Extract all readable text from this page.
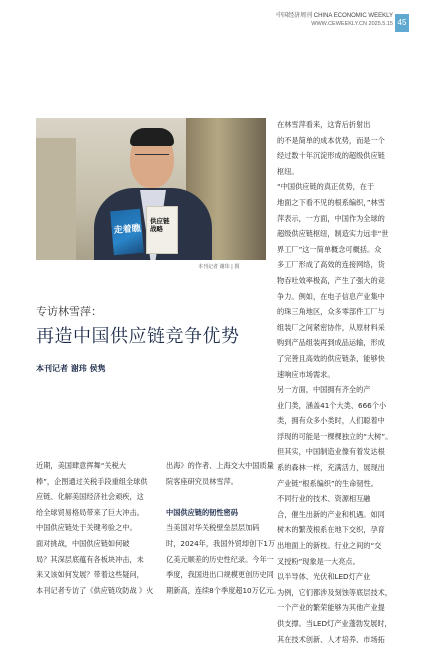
中国经济周刊 CHINA ECONOMIC WEEKLY
WWW.CEWEEKLY.CN 2025.5.15 45
走着瞧
供应链战略
本刊记者 谢玮 | 摄
专访林雪萍：
再造中国供应链竞争优势
本刊记者 谢玮 侯隽

近期，美国肆意挥舞“关税大

棒”，企图通过关税手段重组全球供

应链、化解美国经济社会顽疾，这

给全球贸易格局带来了巨大冲击。

中国供应链处于关键考验之中。

面对挑战，中国供应链如何破

局？其深层底蕴有各板块冲击，未

来又该如何发展？带着这些疑问，

本刊记者专访了《供应链攻防战 》火

出海》的作者、上海交大中国质量

院客座研究员林雪萍。

中国供应链的韧性密码

当美国对华关税壁垒层层加码

时，2024年，我国外贸却创下1万

亿美元顺差的历史性纪录。今年一

季度，我国进出口规模更创历史同

期新高，连续8个季度超10万亿元。

在林雪萍看来，这背后折射出

的不是简单的成本优势，而是一个

经过数十年沉淀形成的超级供应链

枢纽。

“中国供应链的真正优势，在于

地面之下看不见的根系编织，”林雪

萍表示，一方面，中国作为全球的

超级供应链枢纽，制造实力远非“世

界工厂”这一简单概念可概括。众

多工厂形成了高效的连接网络，货

物吞吐效率极高，产生了强大的竞

争力。例如，在电子信息产业集中

的珠三角地区，众多零部件工厂与

组装厂之间紧密协作，从原材料采

购到产品组装再到成品运输，形成

了完善且高效的供应链条，能够快

速响应市场需求。

另一方面，中国拥有齐全的产

业门类，涵盖41个大类、666个小

类，拥有众多小类时，人们聪着中

浮现的可能是一棵棵独立的“大树”。

但其实，中国制造业像有着发达根

系的森林一样，充满活力，展现出

产业链“根系编织”的生命韧性。

不同行业的技术、资源相互融

合，催生出新的产业和机遇。如同

树木的繁茂根系在地下交织，孕育

出地面上的新枝。行业之间的“交

叉授粉”现象是一大亮点。

以半导体、光伏和LED灯产业

为例，它们都涉及刻蚀等底层技术，

一个产业的繁荣能够为其他产业提

供支撑。当LED灯产业蓬勃发展时，

其在技术创新、人才培养、市场拓
